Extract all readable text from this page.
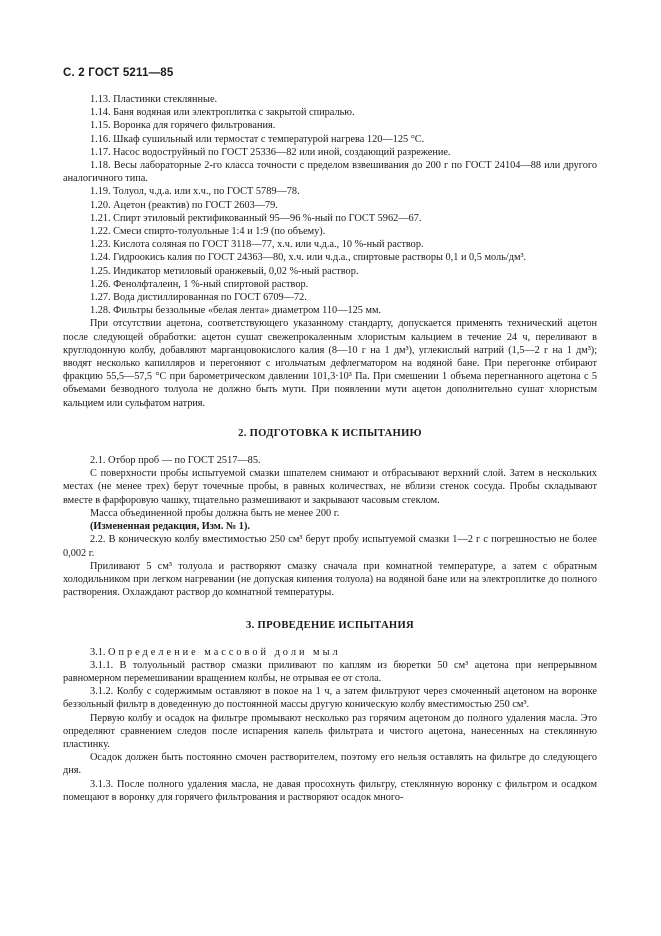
С. 2 ГОСТ 5211—85

1.13. Пластинки стеклянные.

1.14. Баня водяная или электроплитка с закрытой спиралью.

1.15. Воронка для горячего фильтрования.

1.16. Шкаф сушильный или термостат с температурой нагрева 120—125 °С.

1.17. Насос водоструйный по ГОСТ 25336—82 или иной, создающий разрежение.

1.18. Весы лабораторные 2-го класса точности с пределом взвешивания до 200 г по ГОСТ 24104—88 или другого аналогичного типа.

1.19. Толуол, ч.д.а. или х.ч., по ГОСТ 5789—78.

1.20. Ацетон (реактив) по ГОСТ 2603—79.

1.21. Спирт этиловый ректификованный 95—96 %-ный по ГОСТ 5962—67.

1.22. Смеси спирто-толуольные 1:4 и 1:9 (по объему).

1.23. Кислота соляная по ГОСТ 3118—77, х.ч. или ч.д.а., 10 %-ный раствор.

1.24. Гидроокись калия по ГОСТ 24363—80, х.ч. или ч.д.а., спиртовые растворы 0,1 и 0,5 моль/дм³.

1.25. Индикатор метиловый оранжевый, 0,02 %-ный раствор.

1.26. Фенолфталеин, 1 %-ный спиртовой раствор.

1.27. Вода дистиллированная по ГОСТ 6709—72.

1.28. Фильтры беззольные «белая лента» диаметром 110—125 мм.

При отсутствии ацетона, соответствующего указанному стандарту, допускается применять технический ацетон после следующей обработки: ацетон сушат свежепрокаленным хлористым кальцием в течение 24 ч, переливают в круглодонную колбу, добавляют марганцовокислого калия (8—10 г на 1 дм³), углекислый натрий (1,5—2 г на 1 дм³); вводят несколько капилляров и перегоняют с игольчатым дефлегматором на водяной бане. При перегонке отбирают фракцию 55,5—57,5 °С при барометрическом давлении 101,3·10³ Па. При смешении 1 объема перегнанного ацетона с 5 объемами безводного толуола не должно быть мути. При появлении мути ацетон дополнительно сушат хлористым кальцием или сульфатом натрия.

2. ПОДГОТОВКА К ИСПЫТАНИЮ

2.1. Отбор проб — по ГОСТ 2517—85.

С поверхности пробы испытуемой смазки шпателем снимают и отбрасывают верхний слой. Затем в нескольких местах (не менее трех) берут точечные пробы, в равных количествах, не вблизи стенок сосуда. Пробы складывают вместе в фарфоровую чашку, тщательно размешивают и закрывают часовым стеклом.

Масса объединенной пробы должна быть не менее 200 г.

(Измененная редакция, Изм. № 1).

2.2. В коническую колбу вместимостью 250 см³ берут пробу испытуемой смазки 1—2 г с погрешностью не более 0,002 г.

Приливают 5 см³ толуола и растворяют смазку сначала при комнатной температуре, а затем с обратным холодильником при легком нагревании (не допуская кипения толуола) на водяной бане или на электроплитке до полного растворения. Охлаждают раствор до комнатной температуры.

3. ПРОВЕДЕНИЕ ИСПЫТАНИЯ

3.1. Определение массовой доли мыл

3.1.1. В толуольный раствор смазки приливают по каплям из бюретки 50 см³ ацетона при непрерывном равномерном перемешивании вращением колбы, не отрывая ее от стола.

3.1.2. Колбу с содержимым оставляют в покое на 1 ч, а затем фильтруют через смоченный ацетоном на воронке беззольный фильтр в доведенную до постоянной массы другую коническую колбу вместимостью 250 см³.

Первую колбу и осадок на фильтре промывают несколько раз горячим ацетоном до полного удаления масла. Это определяют сравнением следов после испарения капель фильтрата и чистого ацетона, нанесенных на стеклянную пластинку.

Осадок должен быть постоянно смочен растворителем, поэтому его нельзя оставлять на фильтре до следующего дня.

3.1.3. После полного удаления масла, не давая просохнуть фильтру, стеклянную воронку с фильтром и осадком помещают в воронку для горячего фильтрования и растворяют осадок много-
